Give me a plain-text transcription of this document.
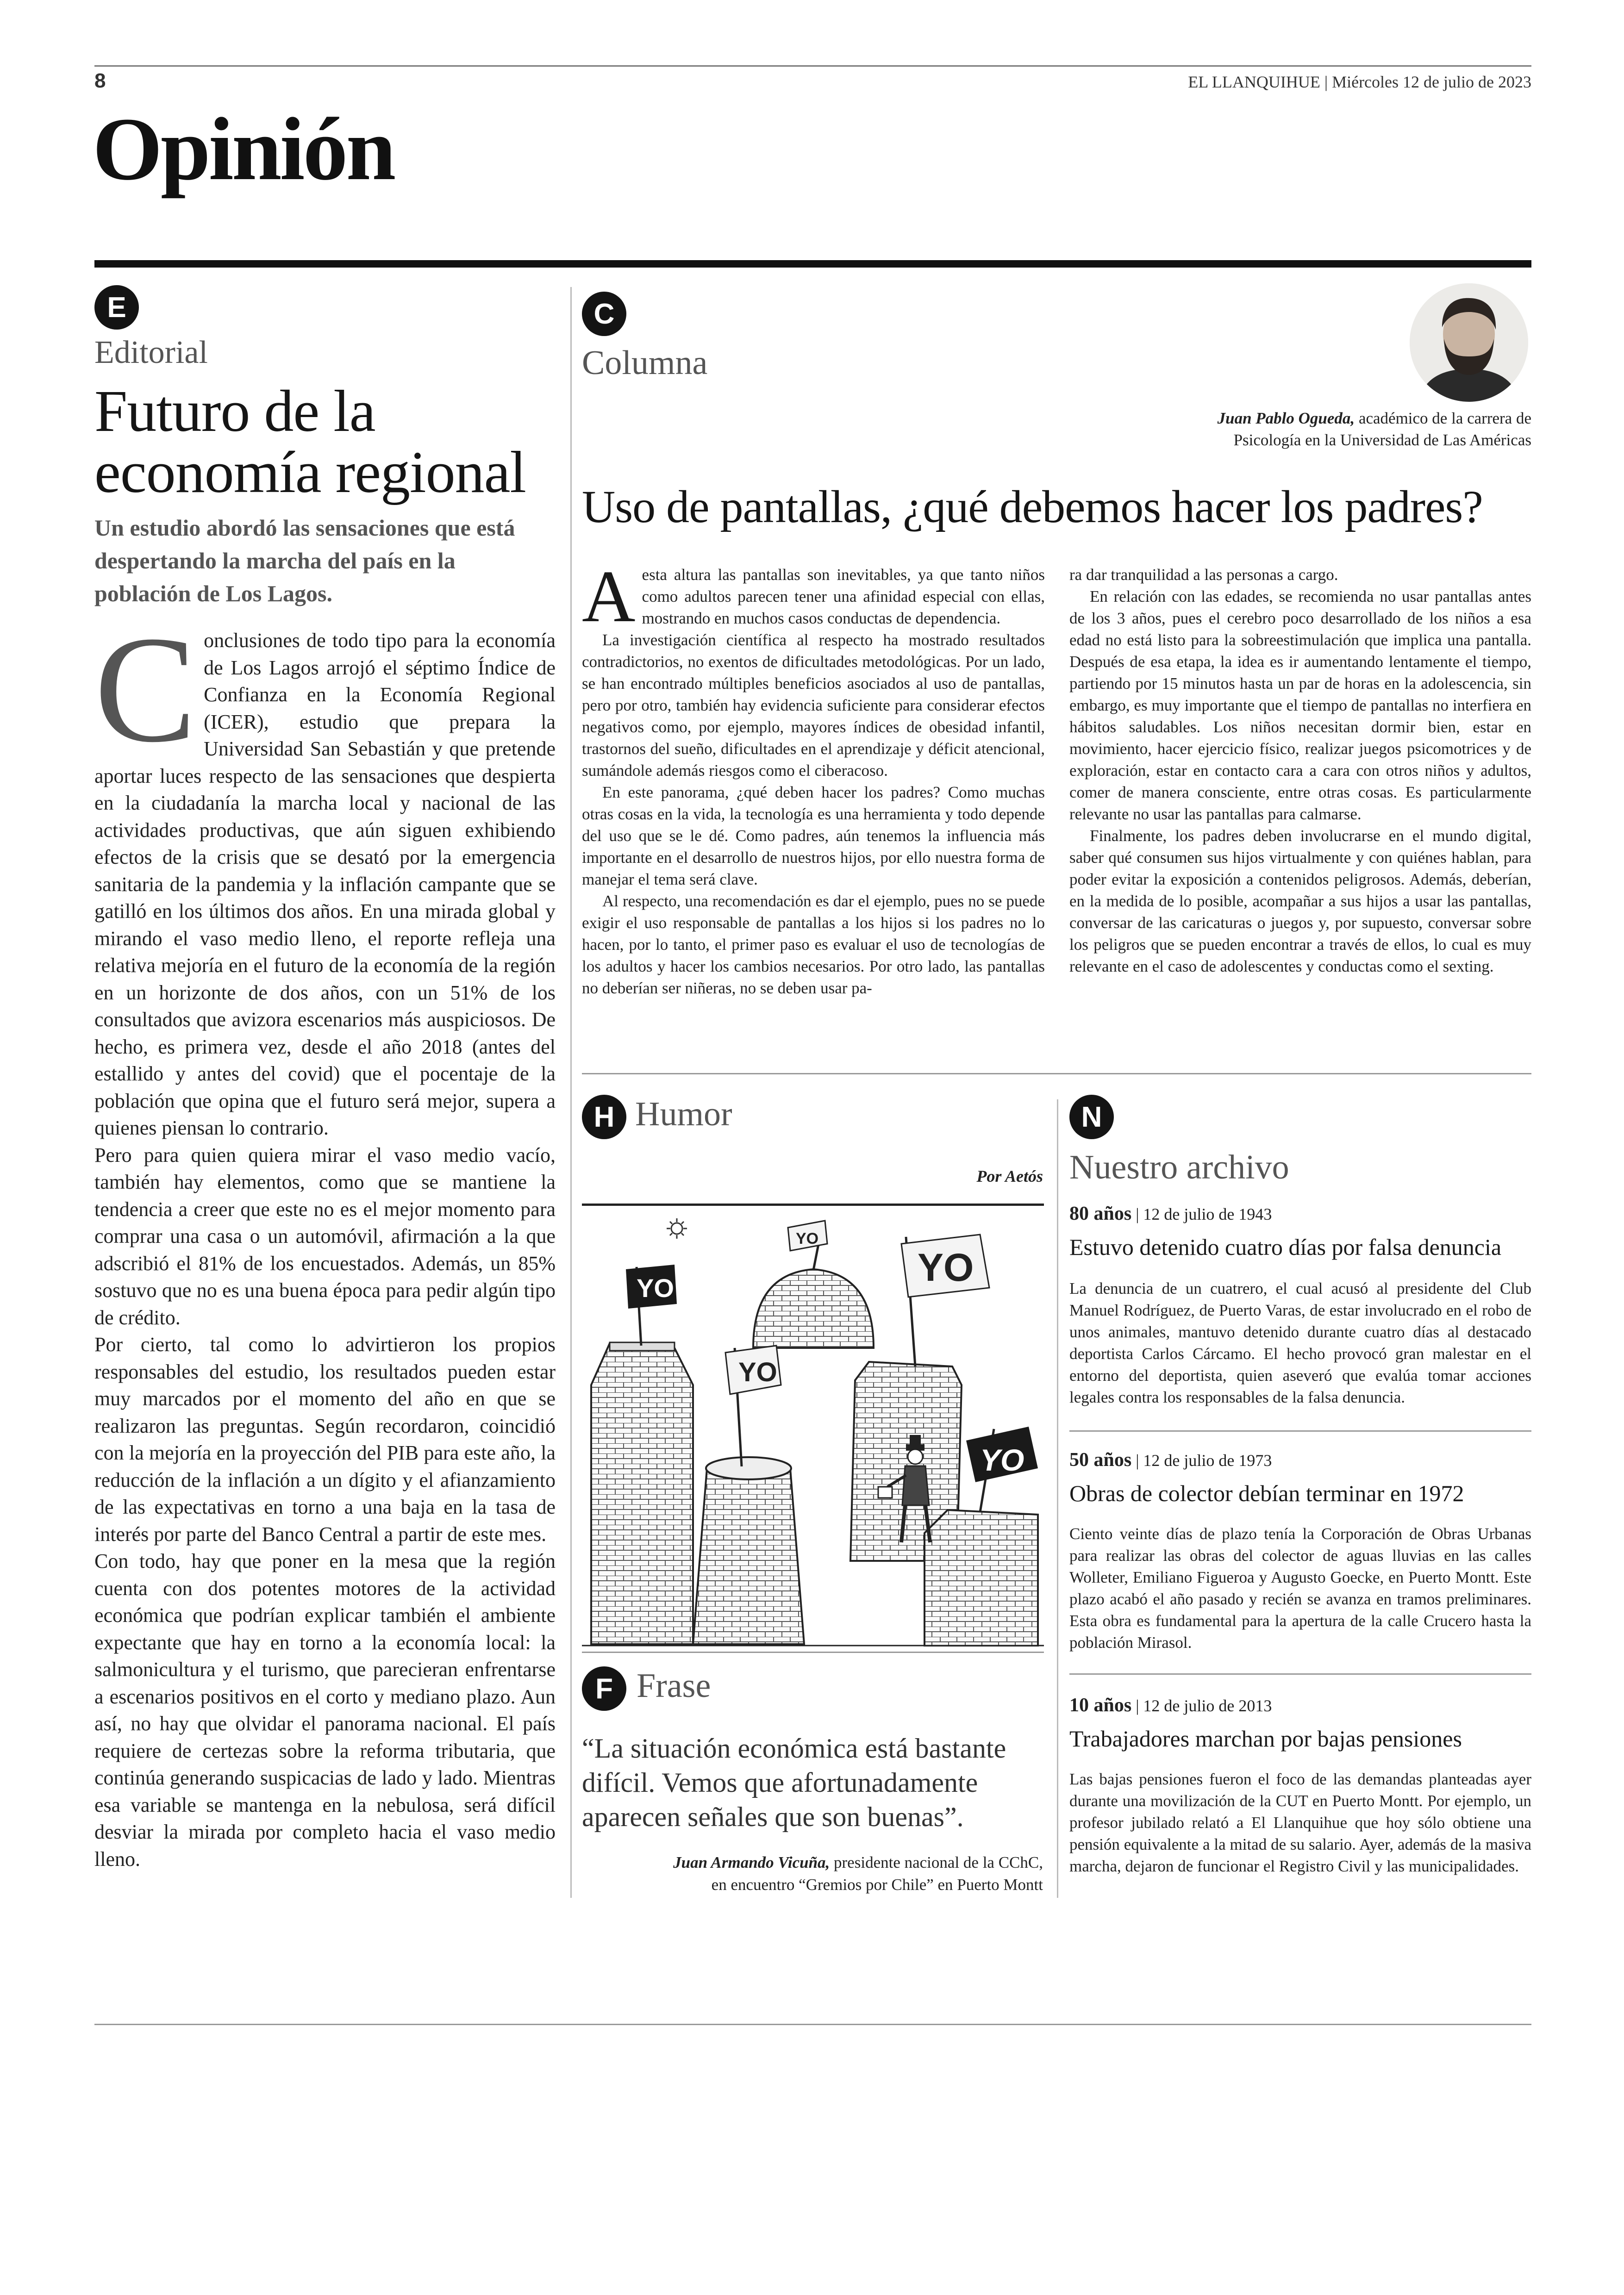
8	EL LLANQUIHUE | Miércoles 12 de julio de 2023
Opinión
E
Editorial
Futuro de la economía regional
Un estudio abordó las sensaciones que está despertando la marcha del país en la población de Los Lagos.
C onclusiones de todo tipo para la economía de Los Lagos arrojó el séptimo Índice de Confianza en la Economía Regional (ICER), estudio que prepara la Universidad San Sebastián y que pretende aportar luces respecto de las sensaciones que despierta en la ciudadanía la marcha local y nacional de las actividades productivas, que aún siguen exhibiendo efectos de la crisis que se desató por la emergencia sanitaria de la pandemia y la inflación campante que se gatilló en los últimos dos años. En una mirada global y mirando el vaso medio lleno, el reporte refleja una relativa mejoría en el futuro de la economía de la región en un horizonte de dos años, con un 51% de los consultados que avizora escenarios más auspiciosos. De hecho, es primera vez, desde el año 2018 (antes del estallido y antes del covid) que el pocentaje de la población que opina que el futuro será mejor, supera a quienes piensan lo contrario.

Pero para quien quiera mirar el vaso medio vacío, también hay elementos, como que se mantiene la tendencia a creer que este no es el mejor momento para comprar una casa o un automóvil, afirmación a la que adscribió el 81% de los encuestados. Además, un 85% sostuvo que no es una buena época para pedir algún tipo de crédito.

Por cierto, tal como lo advirtieron los propios responsables del estudio, los resultados pueden estar muy marcados por el momento del año en que se realizaron las preguntas. Según recordaron, coincidió con la mejoría en la proyección del PIB para este año, la reducción de la inflación a un dígito y el afianzamiento de las expectativas en torno a una baja en la tasa de interés por parte del Banco Central a partir de este mes.

Con todo, hay que poner en la mesa que la región cuenta con dos potentes motores de la actividad económica que podrían explicar también el ambiente expectante que hay en torno a la economía local: la salmonicultura y el turismo, que parecieran enfrentarse a escenarios positivos en el corto y mediano plazo. Aun así, no hay que olvidar el panorama nacional. El país requiere de certezas sobre la reforma tributaria, que continúa generando suspicacias de lado y lado. Mientras esa variable se mantenga en la nebulosa, será difícil desviar la mirada por completo hacia el vaso medio lleno.

C
Columna
Juan Pablo Ogueda, académico de la carrera de
Psicología en la Universidad de Las Américas
Uso de pantallas, ¿qué debemos hacer los padres?
A esta altura las pantallas son inevitables, ya que tanto niños como adultos parecen tener una afinidad especial con ellas, mostrando en muchos casos conductas de dependencia.

La investigación científica al respecto ha mostrado resultados contradictorios, no exentos de dificultades metodológicas. Por un lado, se han encontrado múltiples beneficios asociados al uso de pantallas, pero por otro, también hay evidencia suficiente para considerar efectos negativos como, por ejemplo, mayores índices de obesidad infantil, trastornos del sueño, dificultades en el aprendizaje y déficit atencional, sumándole además riesgos como el ciberacoso.

En este panorama, ¿qué deben hacer los padres? Como muchas otras cosas en la vida, la tecnología es una herramienta y todo depende del uso que se le dé. Como padres, aún tenemos la influencia más importante en el desarrollo de nuestros hijos, por ello nuestra forma de manejar el tema será clave.

Al respecto, una recomendación es dar el ejemplo, pues no se puede exigir el uso responsable de pantallas a los hijos si los padres no lo hacen, por lo tanto, el primer paso es evaluar el uso de tecnologías de los adultos y hacer los cambios necesarios. Por otro lado, las pantallas no deberían ser niñeras, no se deben usar pa-

ra dar tranquilidad a las personas a cargo.

En relación con las edades, se recomienda no usar pantallas antes de los 3 años, pues el cerebro poco desarrollado de los niños a esa edad no está listo para la sobreestimulación que implica una pantalla. Después de esa etapa, la idea es ir aumentando lentamente el tiempo, partiendo por 15 minutos hasta un par de horas en la adolescencia, sin embargo, es muy importante que el tiempo de pantallas no interfiera en hábitos saludables. Los niños necesitan dormir bien, estar en movimiento, hacer ejercicio físico, realizar juegos psicomotrices y de exploración, estar en contacto cara a cara con otros niños y adultos, comer de manera consciente, entre otras cosas. Es particularmente relevante no usar las pantallas para calmarse.

Finalmente, los padres deben involucrarse en el mundo digital, saber qué consumen sus hijos virtualmente y con quiénes hablan, para poder evitar la exposición a contenidos peligrosos. Además, deberían, en la medida de lo posible, acompañar a sus hijos a usar las pantallas, conversar de las caricaturas o juegos y, por supuesto, conversar sobre los peligros que se pueden encontrar a través de ellos, lo cual es muy relevante en el caso de adolescentes y conductas como el sexting.

H Humor
Por Aetós
YO
YO
YO
YO
YO
F Frase
“La situación económica está bastante difícil. Vemos que afortunadamente aparecen señales que son buenas”.
Juan Armando Vicuña, presidente nacional de la CChC,
en encuentro “Gremios por Chile” en Puerto Montt
N
Nuestro archivo
80 años | 12 de julio de 1943
Estuvo detenido cuatro días por falsa denuncia
La denuncia de un cuatrero, el cual acusó al presidente del Club Manuel Rodríguez, de Puerto Varas, de estar involucrado en el robo de unos animales, mantuvo detenido durante cuatro días al destacado deportista Carlos Cárcamo. El hecho provocó gran malestar en el entorno del deportista, quien aseveró que evalúa tomar acciones legales contra los responsables de la falsa denuncia.
50 años | 12 de julio de 1973
Obras de colector debían terminar en 1972
Ciento veinte días de plazo tenía la Corporación de Obras Urbanas para realizar las obras del colector de aguas lluvias en las calles Wolleter, Emiliano Figueroa y Augusto Goecke, en Puerto Montt. Este plazo acabó el año pasado y recién se avanza en tramos preliminares. Esta obra es fundamental para la apertura de la calle Crucero hasta la población Mirasol.
10 años | 12 de julio de 2013
Trabajadores marchan por bajas pensiones
Las bajas pensiones fueron el foco de las demandas planteadas ayer durante una movilización de la CUT en Puerto Montt. Por ejemplo, un profesor jubilado relató a El Llanquihue que hoy sólo obtiene una pensión equivalente a la mitad de su salario. Ayer, además de la masiva marcha, dejaron de funcionar el Registro Civil y las municipalidades.
